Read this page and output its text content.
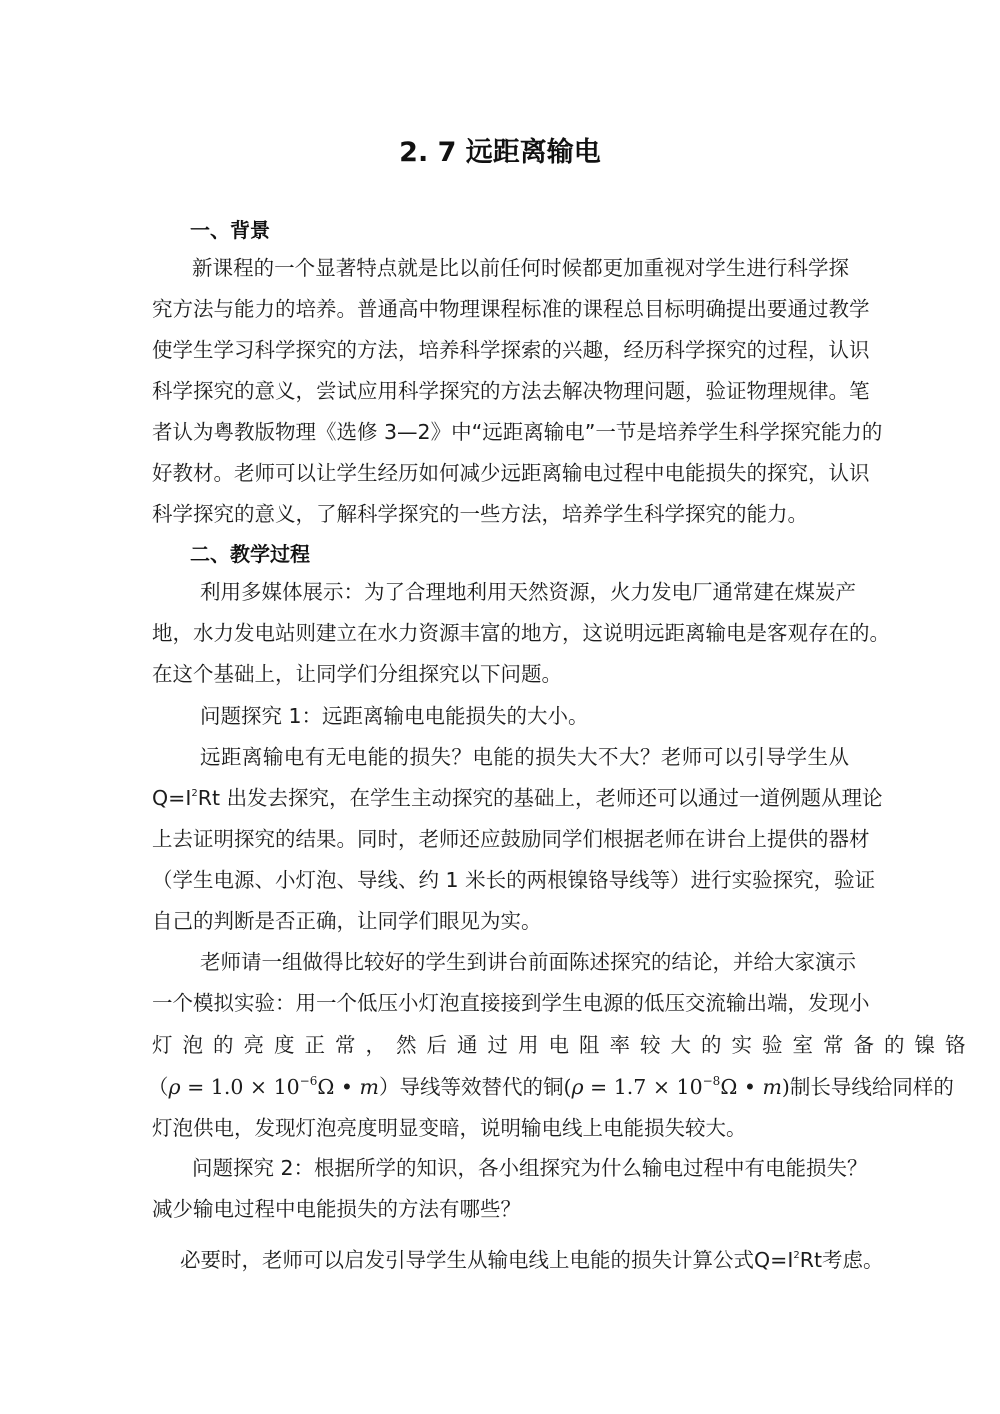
2. 7 远距离输电
一、背景
新课程的一个显著特点就是比以前任何时候都更加重视对学生进行科学探
究方法与能力的培养。普通高中物理课程标准的课程总目标明确提出要通过教学
使学生学习科学探究的方法，培养科学探索的兴趣，经历科学探究的过程，认识
科学探究的意义，尝试应用科学探究的方法去解决物理问题，验证物理规律。笔
者认为粤教版物理《选修 3—2》中“远距离输电”一节是培养学生科学探究能力的
好教材。老师可以让学生经历如何减少远距离输电过程中电能损失的探究，认识
科学探究的意义，了解科学探究的一些方法，培养学生科学探究的能力。
二、教学过程
利用多媒体展示：为了合理地利用天然资源，火力发电厂通常建在煤炭产
地，水力发电站则建立在水力资源丰富的地方，这说明远距离输电是客观存在的。
在这个基础上，让同学们分组探究以下问题。
问题探究 1：远距离输电电能损失的大小。
远距离输电有无电能的损失？电能的损失大不大？老师可以引导学生从
$Q=I^2Rt$ 出发去探究，在学生主动探究的基础上，老师还可以通过一道例题从理论
上去证明探究的结果。同时，老师还应鼓励同学们根据老师在讲台上提供的器材
（学生电源、小灯泡、导线、约 1 米长的两根镍铬导线等）进行实验探究，验证
自己的判断是否正确，让同学们眼见为实。
老师请一组做得比较好的学生到讲台前面陈述探究的结论，并给大家演示
一个模拟实验：用一个低压小灯泡直接接到学生电源的低压交流输出端，发现小
灯泡的亮度正常，然后通过用电阻率较大的实验室常备的镍铬
（$\rho = 1.0 \times 10^{-6}\Omega$ • m）导线等效替代的铜($\rho = 1.7 \times 10^{-8}\Omega$ • m)制长导线给同样的
灯泡供电，发现灯泡亮度明显变暗，说明输电线上电能损失较大。
问题探究 2：根据所学的知识，各小组探究为什么输电过程中有电能损失？
减少输电过程中电能损失的方法有哪些？
必要时，老师可以启发引导学生从输电线上电能的损失计算公式$Q=I^2Rt$考虑。
